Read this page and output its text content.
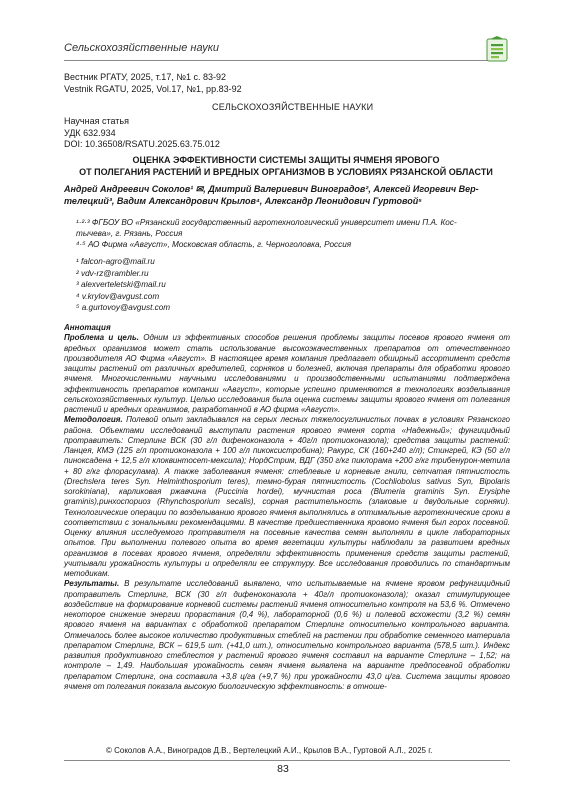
Сельскохозяйственные науки
Вестник РГАТУ, 2025, т.17, №1 с. 83-92
Vestnik RGATU, 2025, Vol.17, №1, pp.83-92
СЕЛЬСКОХОЗЯЙСТВЕННЫЕ НАУКИ
Научная статья
УДК 632.934
DOI: 10.36508/RSATU.2025.63.75.012
ОЦЕНКА ЭФФЕКТИВНОСТИ СИСТЕМЫ ЗАЩИТЫ ЯЧМЕНЯ ЯРОВОГО
ОТ ПОЛЕГАНИЯ РАСТЕНИЙ И ВРЕДНЫХ ОРГАНИЗМОВ В УСЛОВИЯХ РЯЗАНСКОЙ ОБЛАСТИ
Андрей Андреевич Соколов¹ ✉, Дмитрий Валериевич Виноградов², Алексей Игоревич Вер-
телецкий³, Вадим Александрович Крылов⁴, Александр Леонидович Гуртовой⁵
¹·²·³ ФГБОУ ВО «Рязанский государственный агротехнологический университет имени П.А. Кос-
тычева», г. Рязань, Россия
⁴·⁵ АО Фирма «Август», Московская область, г. Черноголовка, Россия
¹ falcon-agro@mail.ru
² vdv-rz@rambler.ru
³ alexverteletski@mail.ru
⁴ v.krylov@avgust.com
⁵ a.gurtovoy@avgust.com

Аннотация

Проблема и цель. Одним из эффективных способов решения проблемы защиты посевов ярового ячменя от вредных организмов может стать использование высокоэкачественных препаратов от отечественного производителя АО Фирма «Август». В настоящее время компания предлагает обширный ассортимент средств защиты растений от различных вредителей, сорняков и болезней, включая препараты для обработки ярового ячменя. Многочисленными научными исследованиями и производственными испытаниями подтверждена эффективность препаратов компании «Август», которые успешно применяются в технологиях возделывания сельскохозяйственных культур. Целью исследования была оценка системы защиты ярового ячменя от полегания растений и вредных организмов, разработанной в АО фирма «Август».

Методология. Полевой опыт закладывался на серых лесных тяжелосуглинистых почвах в условиях Рязанского района. Объектами исследований выступали растения ярового ячменя сорта «Надежный»; фунгицидный протравитель: Стерлинг ВСК (30 г/л дифеноконазола + 40г/л протиоконазола); средства защиты растений: Ланцея, КМЭ (125 г/л протиоконазола + 100 г/л пикоксистробина); Ракурс, СК (160+240 г/л); Стингрей, КЭ (50 г/л пиноксадена + 12,5 г/л клоквинтосет-мексила); НордСтрим, ВДГ (350 г/кг пиклорама +200 г/кг трибенурон-метила + 80 г/кг флорасулама). А также заболевания ячменя: стеблевые и корневые гнили, сетчатая пятнистость (Drechslera teres Syn. Helminthosporium teres), темно-бурая пятнистость (Cochliobolus sativus Syn, Bipolaris sorokiniana), карликовая ржавчина (Puccinia hordei), мучнистая роса (Blumeria graminis Syn. Erysiphe graminis),ринхоспориоз (Rhynchosporium secalis), сорная растительность (злаковые и двудольные сорняки). Технологические операции по возделыванию ярового ячменя выполнялись в оптимальные агротехнические сроки в соответствии с зональными рекомендациями. В качестве предшественника яровомо ячменя был горох посевной. Оценку влияния исследуемого протравителя на посевные качества семян выполняли в цикле лабораторных опытов. При выполнении полевого опыта во время вегетации культуры наблюдали за развитием вредных организмов в посевах ярового ячменя, определяли эффективность применения средств защиты растений, учитывали урожайность культуры и определяли ее структуру. Все исследования проводились по стандартным методикам.

Результаты. В результате исследований выявлено, что испытываемые на ячмене яровом рефунгицидный протравитель Стерлинг, ВСК (30 г/л дифеноконазола + 40г/л протиоконазола); оказал стимулирующее воздействие на формирование корневой системы растений ячменя относительно контроля на 53,6 %. Отмечено некоторое снижение энергии прорастания (0,4 %), лабораторной (0,6 %) и полевой всхожести (3,2 %) семян ярового ячменя на вариантах с обработкой препаратом Стерлинг относительно контрольного варианта. Отмечалось более высокое количество продуктивных стеблей на растении при обработке семенного материала препаратом Стерлинг, ВСК – 619,5 шт. (+41,0 шт.), относительно контрольного варианта (578,5 шт.). Индекс развития продуктивного стеблестоя у растений ярового ячменя составил на варианте Стерлинг – 1,52; на контроле – 1,49. Наибольшая урожайность семян ячменя выявлена на варианте предпосевной обработки препаратом Стерлинг, она составила +3,8 ц/га (+9,7 %) при урожайности 43,0 ц/га. Система защиты ярового ячменя от полегания показала высокую биологическую эффективность: в отноше-

© Соколов А.А., Виноградов Д.В., Вертелецкий А.И., Крылов В.А., Гуртовой А.Л., 2025 г.
83
